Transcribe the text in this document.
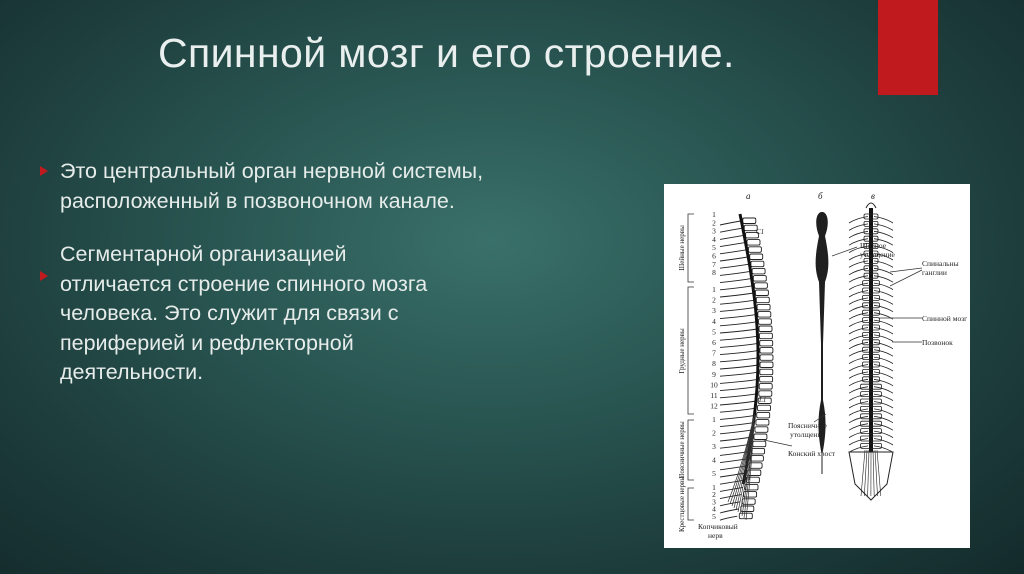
Спинной мозг и его строение.
Это центральный орган нервной системы,
расположенный в позвоночном канале.
Сегментарной организацией
отличается строение спинного мозга
человека. Это служит для связи с
периферией и рефлекторной
деятельности.
а	б	в
Шейные нервы
Грудные нервы
Поясничные нервы
Крестцовые нервы
1
2
3
4
5
6
7
8
1
2
3
4
5
6
7
8
9
10
11
12
1
2
3
4
5
1
2
3
4
5
C1
L1
S1
Шейное
утолщение
Поясничное
утолщение
Конский хвост
Копчиковый
нерв
Спинальны
ганглии
Спинной мозг
Позвонок
